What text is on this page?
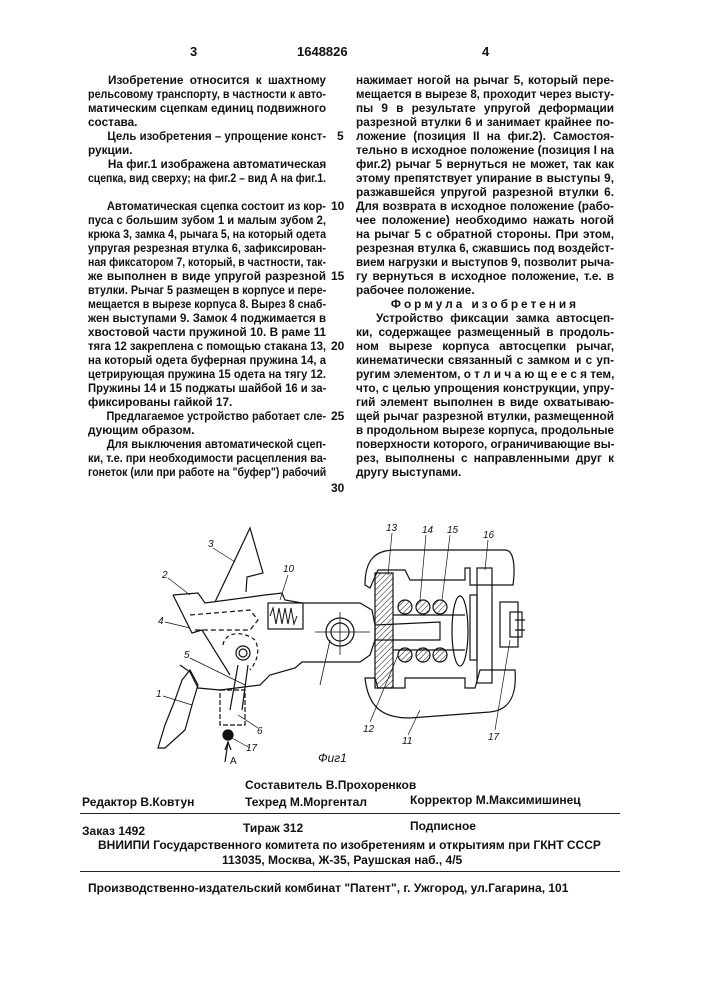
3	1648826	4
Изобретение относится к шахтному
рельсовому транспорту, в частности к авто-
матическим сцепкам единиц подвижного
состава.
Цель изобретения – упрощение конст-
рукции.
На фиг.1 изображена автоматическая
сцепка, вид сверху; на фиг.2 – вид А на фиг.1.

Автоматическая сцепка состоит из кор-
пуса с большим зубом 1 и малым зубом 2,
крюка 3, замка 4, рычага 5, на который одета
упругая резрезная втулка 6, зафиксирован-
ная фиксатором 7, который, в частности, так-
же выполнен в виде упругой разрезной
втулки. Рычаг 5 размещен в корпусе и пере-
мещается в вырезе корпуса 8. Вырез 8 снаб-
жен выступами 9. Замок 4 поджимается в
хвостовой части пружиной 10. В раме 11
тяга 12 закреплена с помощью стакана 13,
на который одета буферная пружина 14, а
цетрирующая пружина 15 одета на тягу 12.
Пружины 14 и 15 поджаты шайбой 16 и за-
фиксированы гайкой 17.
Предлагаемое устройство работает сле-
дующим образом.
Для выключения автоматической сцеп-
ки, т.е. при необходимости расцепления ва-
гонеток (или при работе на "буфер") рабочий
нажимает ногой на рычаг 5, который пере-
мещается в вырезе 8, проходит через высту-
пы 9 в результате упругой деформации
разрезной втулки 6 и занимает крайнее по-
ложение (позиция II на фиг.2). Самостоя-
тельно в исходное положение (позиция I на
фиг.2) рычаг 5 вернуться не может, так как
этому препятствует упирание в выступы 9,
разжавшейся упругой разрезной втулки 6.
Для возврата в исходное положение (рабо-
чее положение) необходимо нажать ногой
на рычаг 5 с обратной стороны. При этом,
резрезная втулка 6, сжавшись под воздейст-
вием нагрузки и выступов 9, позволит рыча-
гу вернуться в исходное положение, т.е. в
рабочее положение.
Формула изобретения
Устройство фиксации замка автосцеп-
ки, содержащее размещенный в продоль-
ном вырезе корпуса автосцепки рычаг,
кинематически связанный с замком и с уп-
ругим элементом, о т л и ч а ю щ е е с я тем,
что, с целью упрощения конструкции, упру-
гий элемент выполнен в виде охватываю-
щей рычаг разрезной втулки, размещенной
в продольном вырезе корпуса, продольные
поверхности которого, ограничивающие вы-
рез, выполнены с направленными друг к
другу выступами.
5
10
15
20
25
30
3
2
10
4
5
1
6
17
А
13 14 15 16
12
11	17
Фиг1
Составитель В.Прохоренков
Редактор В.Ковтун	Техред М.Моргентал	Корректор М.Максимишинец
Заказ 1492	Тираж 312	Подписное
ВНИИПИ Государственного комитета по изобретениям и открытиям при ГКНТ СССР
113035, Москва, Ж-35, Раушская наб., 4/5
Производственно-издательский комбинат "Патент", г. Ужгород, ул.Гагарина, 101
